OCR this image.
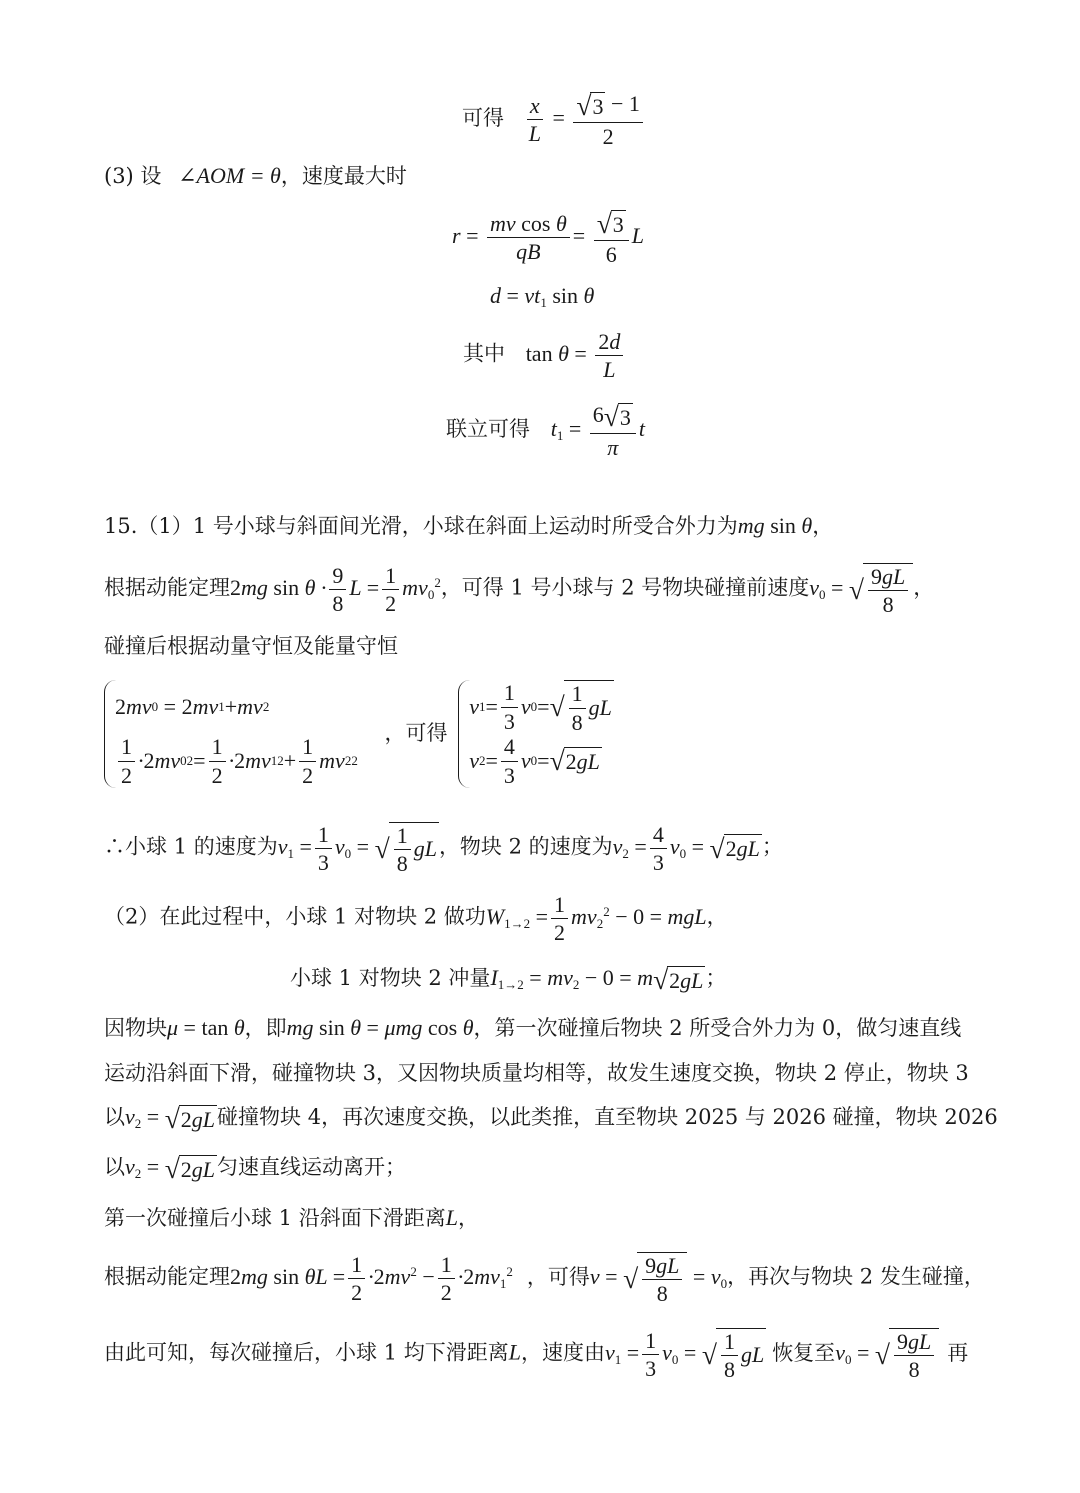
可得 $\frac{x}{L} = \frac{√ 3 - 1}{2}$
(3) 设 ∠AOM = θ，速度最大时
$r = \frac{\text{mv cos θ}}{qB} = \frac{√ 3}{6}$ L
$d = vt_1$ sin θ
其中 $\tan \theta = \frac{2d}{L}$
联立可得 $t_1 = \frac{6 √ 3}{\pi}$ t
15.（1）1 号小球与斜面间光滑，小球在斜面上运动时所受合外力为mg sin θ，
根据动能定理2mg $\sin \theta \cdot \frac{9}{8}$ $L = \frac{1}{2} mv_0^2$，可得 1 号小球与 2 号物块碰撞前速度$v_0$ = √ $\frac{9gL}{8}$ ，
碰撞后根据动量守恒及能量守恒
2 mv 0 = 2 mv 1 + mv 2
$\frac{1}{2} \cdot 2$ mv 0 $2 = \frac{1}{2} \cdot 2$ mv 1 $2 + \frac{1}{2}$ mv 2 2
，可得
v $1 = \frac{1}{3}$ v 0 = √ $\frac{1}{8}$ gL
v $2 = \frac{4}{3}$ v 0 = √ 2 gL
∴小球 1 的速度为$v_1 = \frac{1}{3} v_0$ = √ $\frac{1}{8}$ gL ，物块 2 的速度为$v_2 = \frac{4}{3} v_0$ = √ 2 gL ；
（2）在此过程中，小球 1 对物块 2 做功$W_{1\to 2} = \frac{1}{2} mv_2^2 - 0$ = mgL，
小球 1 对物块 2 冲量$I_{1\to 2} = mv_2 - 0 = m$ √ 2 gL ；
因物块μ = tan θ，即mg sin θ = μmg cos θ，第一次碰撞后物块 2 所受合外力为 0，做匀速直线
运动沿斜面下滑，碰撞物块 3，又因物块质量均相等，故发生速度交换，物块 2 停止，物块 3
以$v_2$ = √ 2 gL 碰撞物块 4，再次速度交换，以此类推，直至物块 2025 与 2026 碰撞，物块 2026
以$v_2$ = √ 2 gL 匀速直线运动离开；
第一次碰撞后小球 1 沿斜面下滑距离L，
根据动能定理2mg $\sin \theta L = \frac{1}{2} \cdot 2mv^2 - \frac{1}{2} \cdot 2mv_1^2$ ，可得v = √ $\frac{9gL}{8} = v_0$，再次与物块 2 发生碰撞，
由此可知，每次碰撞后，小球 1 均下滑距离L，速度由$v_1 = \frac{1}{3} v_0$ = √ $\frac{1}{8}$ gL 恢复至$v_0$ = √ $\frac{9gL}{8}$ 再
